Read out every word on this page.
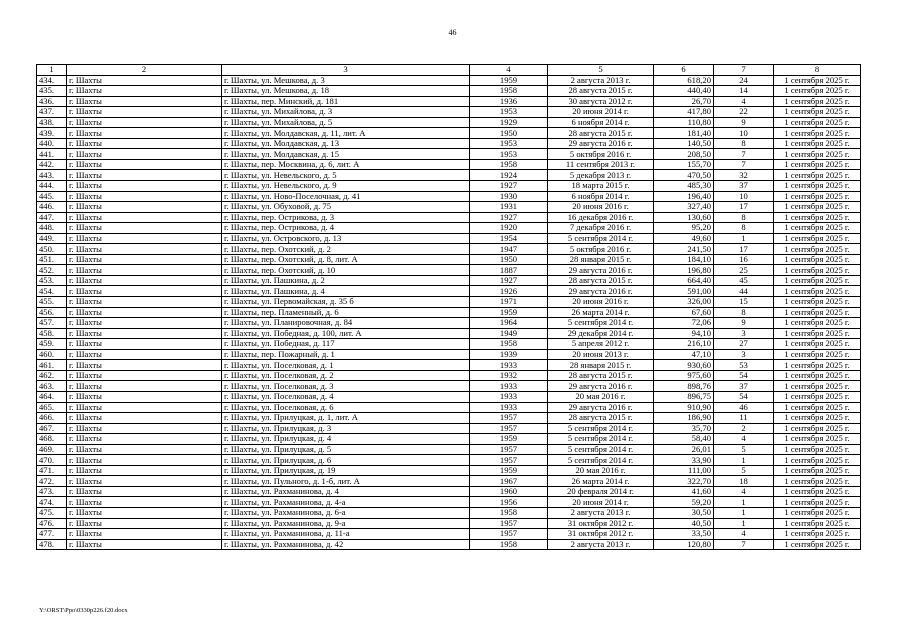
46
1	2	3	4	5	6	7	8
434.	г. Шахты	г. Шахты, ул. Мешкова, д. 3	1959	2 августа 2013 г.	618,20	24	1 сентября 2025 г.
435.	г. Шахты	г. Шахты, ул. Мешкова, д. 18	1958	28 августа 2015 г.	440,40	14	1 сентября 2025 г.
436.	г. Шахты	г. Шахты, пер. Минский, д. 181	1936	30 августа 2012 г.	26,70	4	1 сентября 2025 г.
437.	г. Шахты	г. Шахты, ул. Михайлова, д. 3	1953	20 июня 2014 г.	417,80	22	1 сентября 2025 г.
438.	г. Шахты	г. Шахты, ул. Михайлова, д. 5	1929	6 ноября 2014 г.	110,80	9	1 сентября 2025 г.
439.	г. Шахты	г. Шахты, ул. Молдавская, д. 11, лит. А	1950	28 августа 2015 г.	181,40	10	1 сентября 2025 г.
440.	г. Шахты	г. Шахты, ул. Молдавская, д. 13	1953	29 августа 2016 г.	140,50	8	1 сентября 2025 г.
441.	г. Шахты	г. Шахты, ул. Молдавская, д. 15	1953	5 октября 2016 г.	208,50	7	1 сентября 2025 г.
442.	г. Шахты	г. Шахты, пер. Москвина, д. 6, лит. А	1958	11 сентября 2013 г.	155,70	7	1 сентября 2025 г.
443.	г. Шахты	г. Шахты, ул. Невельского, д. 5	1924	5 декабря 2013 г.	470,50	32	1 сентября 2025 г.
444.	г. Шахты	г. Шахты, ул. Невельского, д. 9	1927	18 марта 2015 г.	485,30	37	1 сентября 2025 г.
445.	г. Шахты	г. Шахты, ул. Ново-Поселочная, д. 41	1930	6 ноября 2014 г.	196,40	10	1 сентября 2025 г.
446.	г. Шахты	г. Шахты, ул. Обуховой, д. 75	1931	20 июня 2016 г.	327,40	17	1 сентября 2025 г.
447.	г. Шахты	г. Шахты, пер. Острикова, д. 3	1927	16 декабря 2016 г.	130,60	8	1 сентября 2025 г.
448.	г. Шахты	г. Шахты, пер. Острикова, д. 4	1920	7 декабря 2016 г.	95,20	8	1 сентября 2025 г.
449.	г. Шахты	г. Шахты, ул. Островского, д. 13	1954	5 сентября 2014 г.	49,60	1	1 сентября 2025 г.
450.	г. Шахты	г. Шахты, пер. Охотский, д. 2	1947	5 октября 2016 г.	241,50	17	1 сентября 2025 г.
451.	г. Шахты	г. Шахты, пер. Охотский, д. 8, лит. А	1950	28 января 2015 г.	184,10	16	1 сентября 2025 г.
452.	г. Шахты	г. Шахты, пер. Охотский, д. 10	1887	29 августа 2016 г.	196,80	25	1 сентября 2025 г.
453.	г. Шахты	г. Шахты, ул. Пашкина, д. 2	1927	28 августа 2015 г.	664,40	45	1 сентября 2025 г.
454.	г. Шахты	г. Шахты, ул. Пашкина, д. 4	1926	29 августа 2016 г.	591,00	44	1 сентября 2025 г.
455.	г. Шахты	г. Шахты, ул. Первомайская, д. 35 б	1971	20 июня 2016 г.	326,00	15	1 сентября 2025 г.
456.	г. Шахты	г. Шахты, пер. Пламенный, д. 6	1959	26 марта 2014 г.	67,60	8	1 сентября 2025 г.
457.	г. Шахты	г. Шахты, ул. Планировочная, д. 84	1964	5 сентября 2014 г.	72,06	9	1 сентября 2025 г.
458.	г. Шахты	г. Шахты, ул. Победная, д. 100, лит. А	1949	29 декабря 2014 г.	94,10	3	1 сентября 2025 г.
459.	г. Шахты	г. Шахты, ул. Победная, д. 117	1958	5 апреля 2012 г.	216,10	27	1 сентября 2025 г.
460.	г. Шахты	г. Шахты, пер. Пожарный, д. 1	1939	20 июня 2013 г.	47,10	3	1 сентября 2025 г.
461.	г. Шахты	г. Шахты, ул. Поселковая, д. 1	1933	28 января 2015 г.	930,60	53	1 сентября 2025 г.
462.	г. Шахты	г. Шахты, ул. Поселковая, д. 2	1932	28 августа 2015 г.	975,60	54	1 сентября 2025 г.
463.	г. Шахты	г. Шахты, ул. Поселковая, д. 3	1933	29 августа 2016 г.	898,76	37	1 сентября 2025 г.
464.	г. Шахты	г. Шахты, ул. Поселковая, д. 4	1933	20 мая 2016 г.	896,75	54	1 сентября 2025 г.
465.	г. Шахты	г. Шахты, ул. Поселковая, д. 6	1933	29 августа 2016 г.	910,90	46	1 сентября 2025 г.
466.	г. Шахты	г. Шахты, ул. Прилуцкая, д. 1, лит. А	1957	28 августа 2015 г.	186,90	11	1 сентября 2025 г.
467.	г. Шахты	г. Шахты, ул. Прилуцкая, д. 3	1957	5 сентября 2014 г.	35,70	2	1 сентября 2025 г.
468.	г. Шахты	г. Шахты, ул. Прилуцкая, д. 4	1959	5 сентября 2014 г.	58,40	4	1 сентября 2025 г.
469.	г. Шахты	г. Шахты, ул. Прилуцкая, д. 5	1957	5 сентября 2014 г.	26,01	5	1 сентября 2025 г.
470.	г. Шахты	г. Шахты, ул. Прилуцкая, д. 6	1957	5 сентября 2014 г.	33,90	1	1 сентября 2025 г.
471.	г. Шахты	г. Шахты, ул. Прилуцкая, д. 19	1959	20 мая 2016 г.	111,00	5	1 сентября 2025 г.
472.	г. Шахты	г. Шахты, ул. Пульного, д. 1-б, лит. А	1967	26 марта 2014 г.	322,70	18	1 сентября 2025 г.
473.	г. Шахты	г. Шахты, ул. Рахманинова, д. 4	1960	20 февраля 2014 г.	41,60	4	1 сентября 2025 г.
474.	г. Шахты	г. Шахты, ул. Рахманинова, д. 4-а	1956	20 июня 2014 г.	59,20	1	1 сентября 2025 г.
475.	г. Шахты	г. Шахты, ул. Рахманинова, д. 6-а	1958	2 августа 2013 г.	30,50	1	1 сентября 2025 г.
476.	г. Шахты	г. Шахты, ул. Рахманинова, д. 9-а	1957	31 октября 2012 г.	40,50	1	1 сентября 2025 г.
477.	г. Шахты	г. Шахты, ул. Рахманинова, д. 11-а	1957	31 октября 2012 г.	33,50	4	1 сентября 2025 г.
478.	г. Шахты	г. Шахты, ул. Рахманинова, д. 42	1958	2 августа 2013 г.	120,80	7	1 сентября 2025 г.
Y:\ORST\Ppo\0330p226.f20.docx
